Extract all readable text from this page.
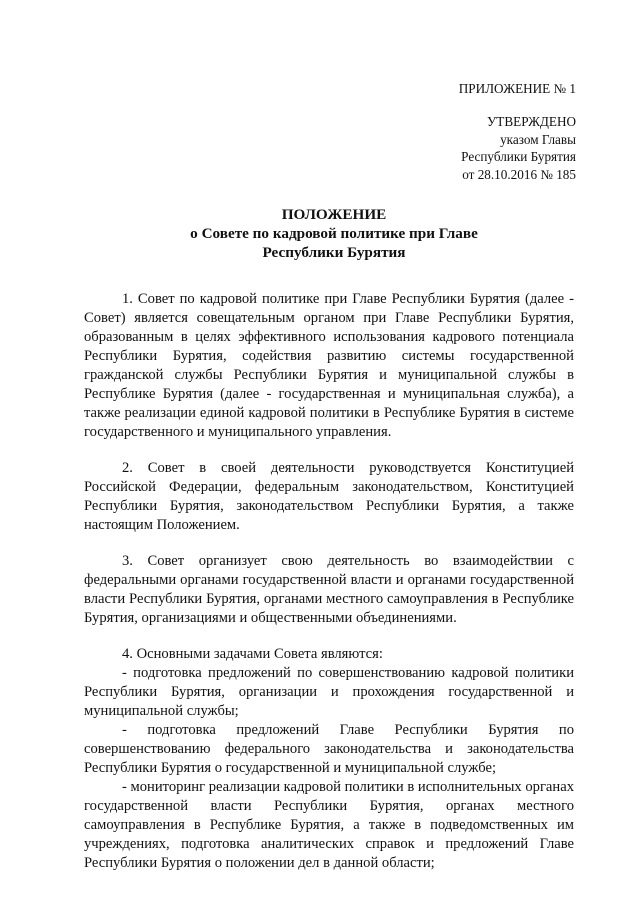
ПРИЛОЖЕНИЕ № 1
УТВЕРЖДЕНО
указом Главы
Республики Бурятия
от 28.10.2016 № 185
ПОЛОЖЕНИЕ
о Совете по кадровой политике при Главе
Республики Бурятия

1. Совет по кадровой политике при Главе Республики Бурятия (далее - Совет) является совещательным органом при Главе Республики Бурятия, образованным в целях эффективного использования кадрового потенциала Республики Бурятия, содействия развитию системы государственной гражданской службы Республики Бурятия и муниципальной службы в Республике Бурятия (далее - государственная и муниципальная служба), а также реализации единой кадровой политики в Республике Бурятия в системе государственного и муниципального управления.

2. Совет в своей деятельности руководствуется Конституцией Российской Федерации, федеральным законодательством, Конституцией Республики Бурятия, законодательством Республики Бурятия, а также настоящим Положением.

3. Совет организует свою деятельность во взаимодействии с федеральными органами государственной власти и органами государственной власти Республики Бурятия, органами местного самоуправления в Республике Бурятия, организациями и общественными объединениями.

4. Основными задачами Совета являются:

- подготовка предложений по совершенствованию кадровой политики Республики Бурятия, организации и прохождения государственной и муниципальной службы;

- подготовка предложений Главе Республики Бурятия по совершенствованию федерального законодательства и законодательства Республики Бурятия о государственной и муниципальной службе;

- мониторинг реализации кадровой политики в исполнительных органах государственной власти Республики Бурятия, органах местного самоуправления в Республике Бурятия, а также в подведомственных им учреждениях, подготовка аналитических справок и предложений Главе Республики Бурятия о положении дел в данной области;
